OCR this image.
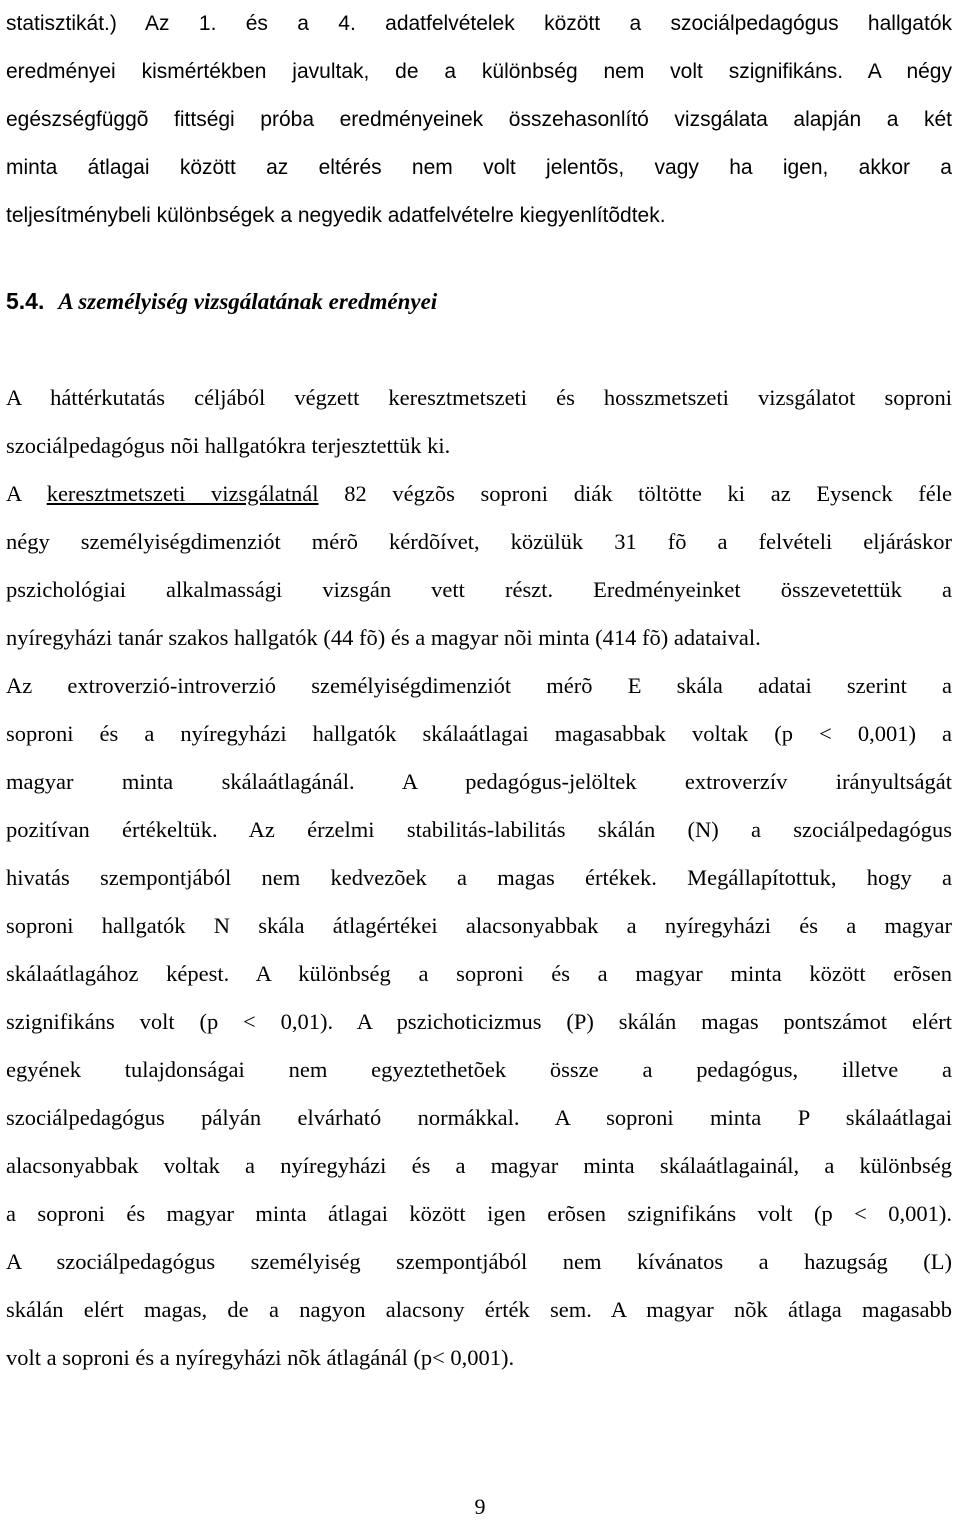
statisztikát.) Az 1. és a 4. adatfelvételek között a szociálpedagógus hallgatók
eredményei kismértékben javultak, de a különbség nem volt szignifikáns. A négy
egészségfüggõ fittségi próba eredményeinek összehasonlító vizsgálata alapján a két
minta átlagai között az eltérés nem volt jelentõs, vagy ha igen, akkor a
teljesítménybeli különbségek a negyedik adatfelvételre kiegyenlítõdtek.
5.4. A személyiség vizsgálatának eredményei
A háttérkutatás céljából végzett keresztmetszeti és hosszmetszeti vizsgálatot soproni
szociálpedagógus nõi hallgatókra terjesztettük ki.
A keresztmetszeti vizsgálatnál 82 végzõs soproni diák töltötte ki az Eysenck féle
négy személyiségdimenziót mérõ kérdõívet, közülük 31 fõ a felvételi eljáráskor
pszichológiai alkalmassági vizsgán vett részt. Eredményeinket összevetettük a
nyíregyházi tanár szakos hallgatók (44 fõ) és a magyar nõi minta (414 fõ) adataival.
Az extroverzió-introverzió személyiségdimenziót mérõ E skála adatai szerint a
soproni és a nyíregyházi hallgatók skálaátlagai magasabbak voltak (p < 0,001) a
magyar minta skálaátlagánál. A pedagógus-jelöltek extroverzív irányultságát
pozitívan értékeltük. Az érzelmi stabilitás-labilitás skálán (N) a szociálpedagógus
hivatás szempontjából nem kedvezõek a magas értékek. Megállapítottuk, hogy a
soproni hallgatók N skála átlagértékei alacsonyabbak a nyíregyházi és a magyar
skálaátlagához képest. A különbség a soproni és a magyar minta között erõsen
szignifikáns volt (p < 0,01). A pszichoticizmus (P) skálán magas pontszámot elért
egyének tulajdonságai nem egyeztethetõek össze a pedagógus, illetve a
szociálpedagógus pályán elvárható normákkal. A soproni minta P skálaátlagai
alacsonyabbak voltak a nyíregyházi és a magyar minta skálaátlagainál, a különbség
a soproni és magyar minta átlagai között igen erõsen szignifikáns volt (p < 0,001).
A szociálpedagógus személyiség szempontjából nem kívánatos a hazugság (L)
skálán elért magas, de a nagyon alacsony érték sem. A magyar nõk átlaga magasabb
volt a soproni és a nyíregyházi nõk átlagánál (p< 0,001).
9
